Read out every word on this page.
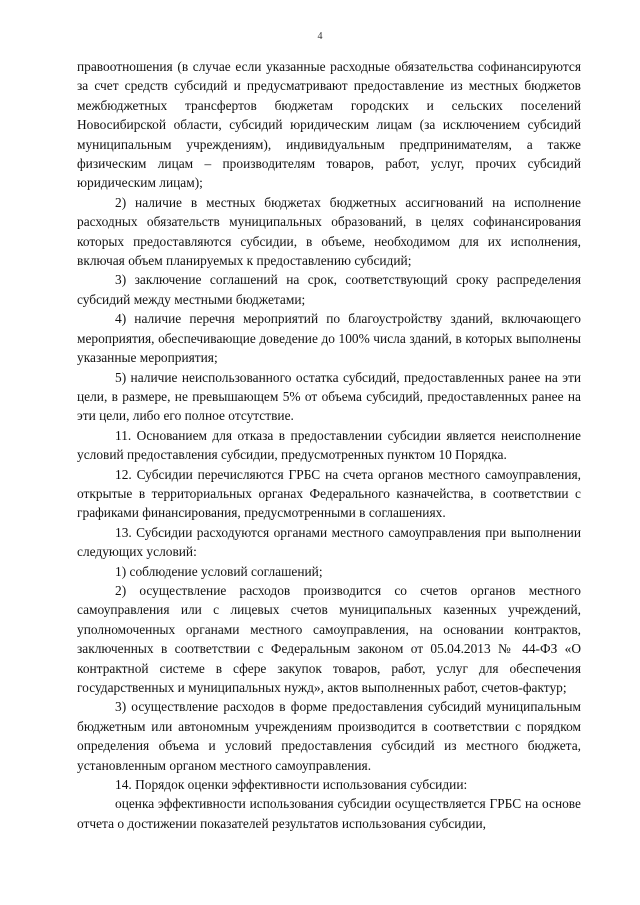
4

правоотношения (в случае если указанные расходные обязательства софинансируются за счет средств субсидий и предусматривают предоставление из местных бюджетов межбюджетных трансфертов бюджетам городских и сельских поселений Новосибирской области, субсидий юридическим лицам (за исключением субсидий муниципальным учреждениям), индивидуальным предпринимателям, а также физическим лицам – производителям товаров, работ, услуг, прочих субсидий юридическим лицам);

2) наличие в местных бюджетах бюджетных ассигнований на исполнение расходных обязательств муниципальных образований, в целях софинансирования которых предоставляются субсидии, в объеме, необходимом для их исполнения, включая объем планируемых к предоставлению субсидий;

3) заключение соглашений на срок, соответствующий сроку распределения субсидий между местными бюджетами;

4) наличие перечня мероприятий по благоустройству зданий, включающего мероприятия, обеспечивающие доведение до 100% числа зданий, в которых выполнены указанные мероприятия;

5) наличие неиспользованного остатка субсидий, предоставленных ранее на эти цели, в размере, не превышающем 5% от объема субсидий, предоставленных ранее на эти цели, либо его полное отсутствие.

11. Основанием для отказа в предоставлении субсидии является неисполнение условий предоставления субсидии, предусмотренных пунктом 10 Порядка.

12. Субсидии перечисляются ГРБС на счета органов местного самоуправления, открытые в территориальных органах Федерального казначейства, в соответствии с графиками финансирования, предусмотренными в соглашениях.

13. Субсидии расходуются органами местного самоуправления при выполнении следующих условий:

1) соблюдение условий соглашений;

2) осуществление расходов производится со счетов органов местного самоуправления или с лицевых счетов муниципальных казенных учреждений, уполномоченных органами местного самоуправления, на основании контрактов, заключенных в соответствии с Федеральным законом от 05.04.2013 № 44-ФЗ «О контрактной системе в сфере закупок товаров, работ, услуг для обеспечения государственных и муниципальных нужд», актов выполненных работ, счетов-фактур;

3) осуществление расходов в форме предоставления субсидий муниципальным бюджетным или автономным учреждениям производится в соответствии с порядком определения объема и условий предоставления субсидий из местного бюджета, установленным органом местного самоуправления.

14. Порядок оценки эффективности использования субсидии:

оценка эффективности использования субсидии осуществляется ГРБС на основе отчета о достижении показателей результатов использования субсидии,
